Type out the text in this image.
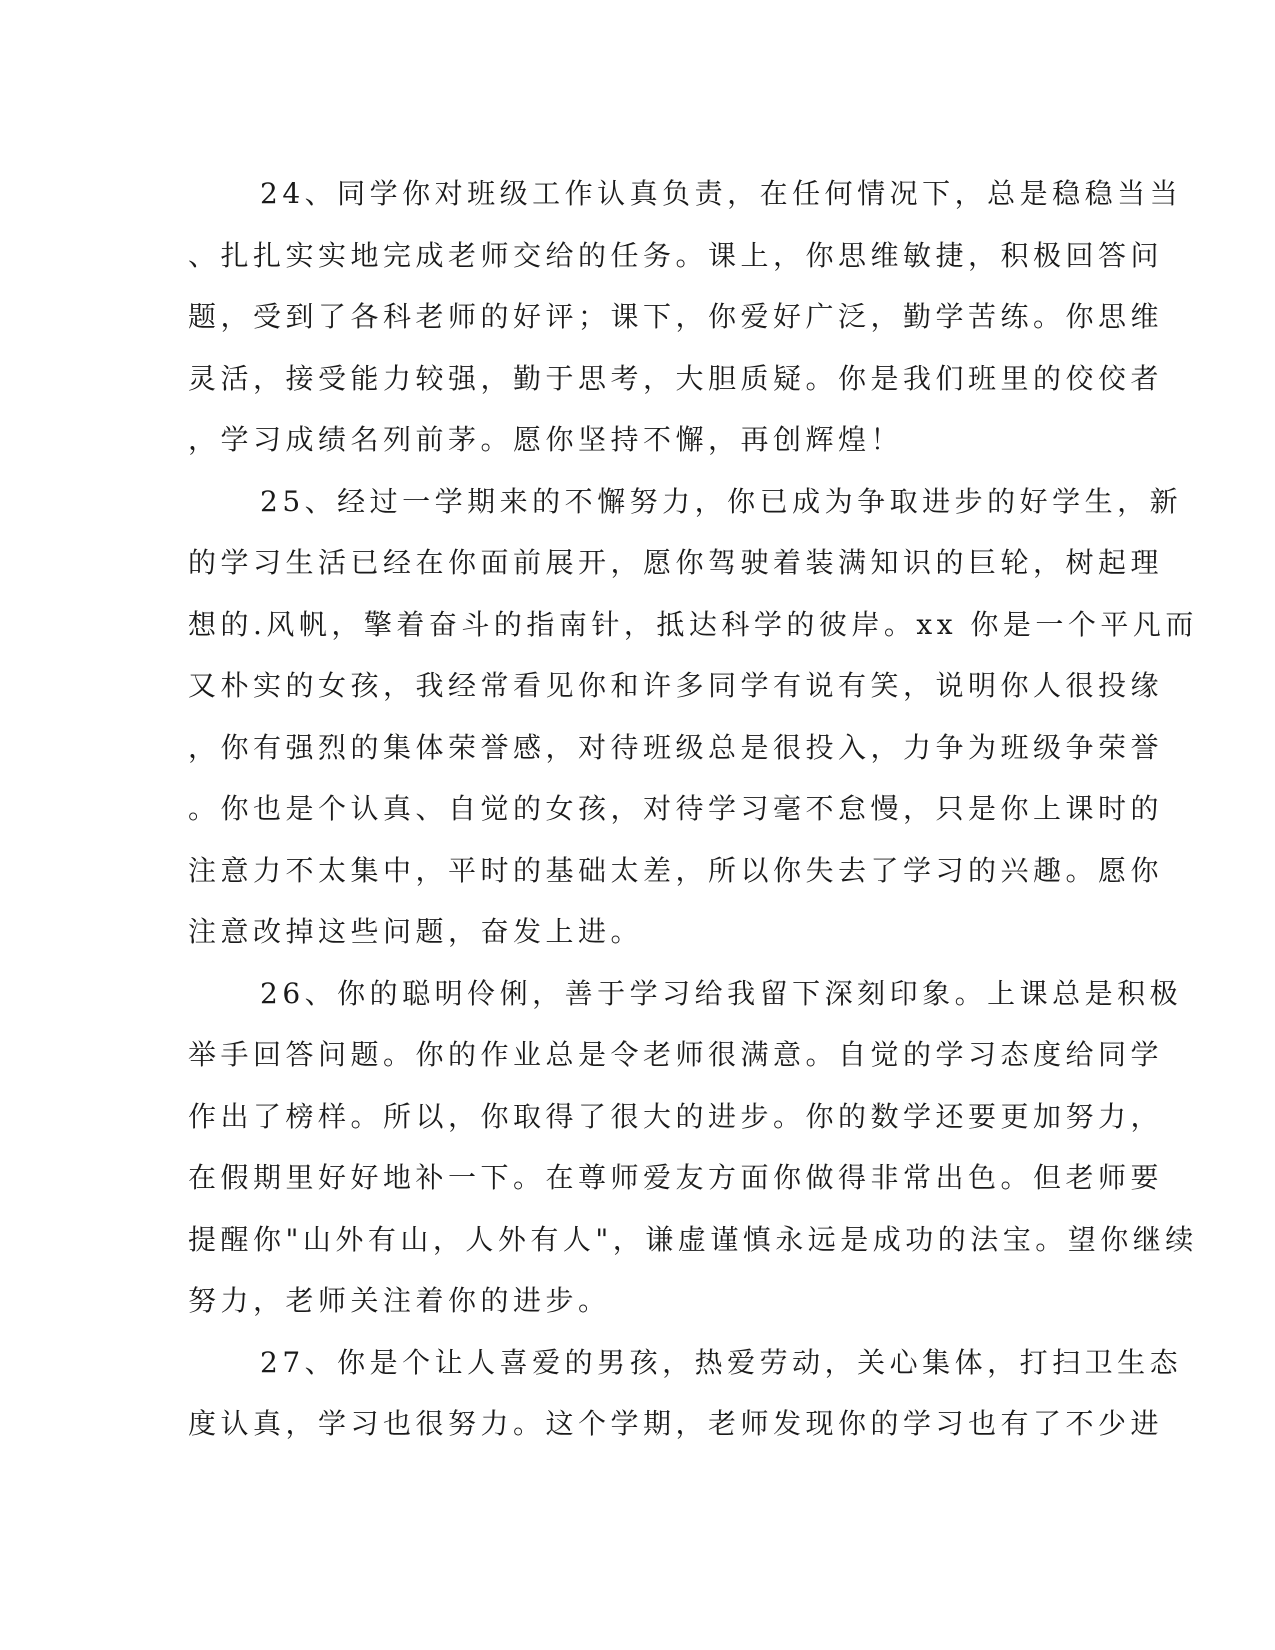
24、同学你对班级工作认真负责，在任何情况下，总是稳稳当当
、扎扎实实地完成老师交给的任务。课上，你思维敏捷，积极回答问
题，受到了各科老师的好评；课下，你爱好广泛，勤学苦练。你思维
灵活，接受能力较强，勤于思考，大胆质疑。你是我们班里的佼佼者
，学习成绩名列前茅。愿你坚持不懈，再创辉煌！
25、经过一学期来的不懈努力，你已成为争取进步的好学生，新
的学习生活已经在你面前展开，愿你驾驶着装满知识的巨轮，树起理
想的.风帆，擎着奋斗的指南针，抵达科学的彼岸。xx 你是一个平凡而
又朴实的女孩，我经常看见你和许多同学有说有笑，说明你人很投缘
，你有强烈的集体荣誉感，对待班级总是很投入，力争为班级争荣誉
。你也是个认真、自觉的女孩，对待学习毫不怠慢，只是你上课时的
注意力不太集中，平时的基础太差，所以你失去了学习的兴趣。愿你
注意改掉这些问题，奋发上进。
26、你的聪明伶俐，善于学习给我留下深刻印象。上课总是积极
举手回答问题。你的作业总是令老师很满意。自觉的学习态度给同学
作出了榜样。所以，你取得了很大的进步。你的数学还要更加努力，
在假期里好好地补一下。在尊师爱友方面你做得非常出色。但老师要
提醒你"山外有山，人外有人"，谦虚谨慎永远是成功的法宝。望你继续
努力，老师关注着你的进步。
27、你是个让人喜爱的男孩，热爱劳动，关心集体，打扫卫生态
度认真，学习也很努力。这个学期，老师发现你的学习也有了不少进
